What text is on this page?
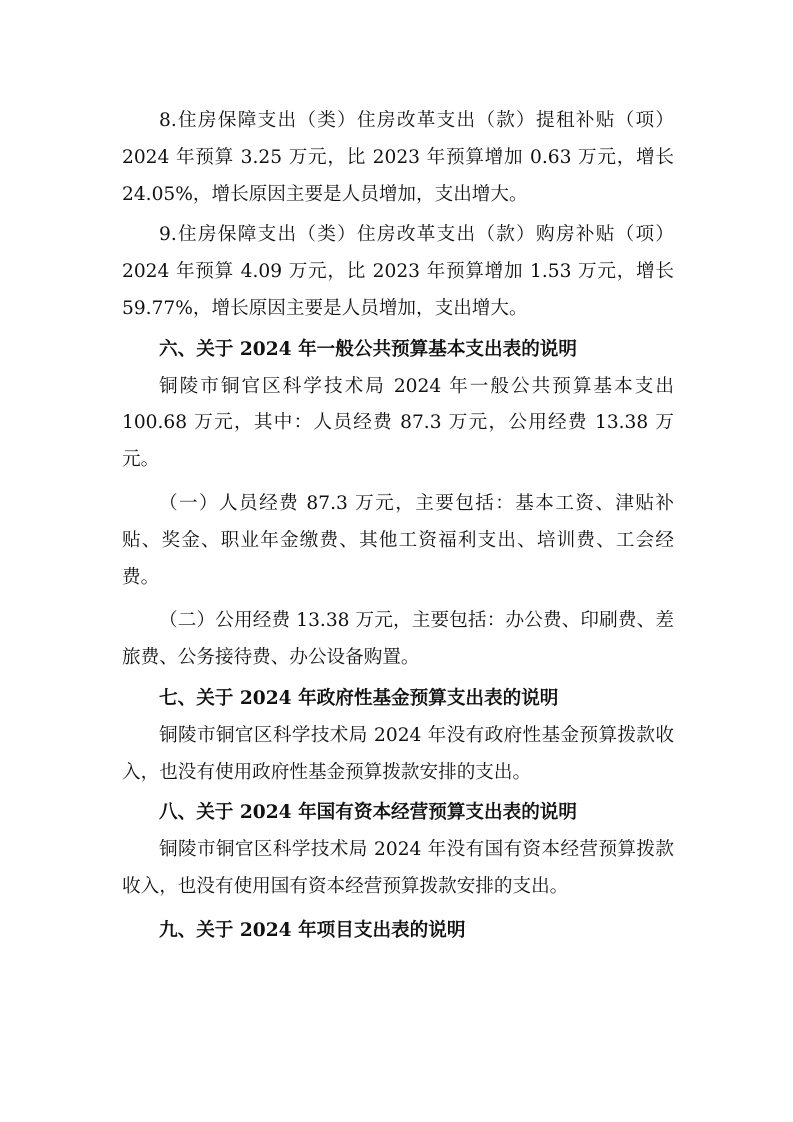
8.住房保障支出（类）住房改革支出（款）提租补贴（项）2024 年预算 3.25 万元，比 2023 年预算增加 0.63 万元，增长 24.05%，增长原因主要是人员增加，支出增大。

9.住房保障支出（类）住房改革支出（款）购房补贴（项）2024 年预算 4.09 万元，比 2023 年预算增加 1.53 万元，增长 59.77%，增长原因主要是人员增加，支出增大。

六、关于 2024 年一般公共预算基本支出表的说明

铜陵市铜官区科学技术局 2024 年一般公共预算基本支出 100.68 万元，其中：人员经费 87.3 万元，公用经费 13.38 万元。

（一）人员经费 87.3 万元，主要包括：基本工资、津贴补贴、奖金、职业年金缴费、其他工资福利支出、培训费、工会经费。

（二）公用经费 13.38 万元，主要包括：办公费、印刷费、差旅费、公务接待费、办公设备购置。

七、关于 2024 年政府性基金预算支出表的说明

铜陵市铜官区科学技术局 2024 年没有政府性基金预算拨款收入，也没有使用政府性基金预算拨款安排的支出。

八、关于 2024 年国有资本经营预算支出表的说明

铜陵市铜官区科学技术局 2024 年没有国有资本经营预算拨款收入，也没有使用国有资本经营预算拨款安排的支出。

九、关于 2024 年项目支出表的说明
